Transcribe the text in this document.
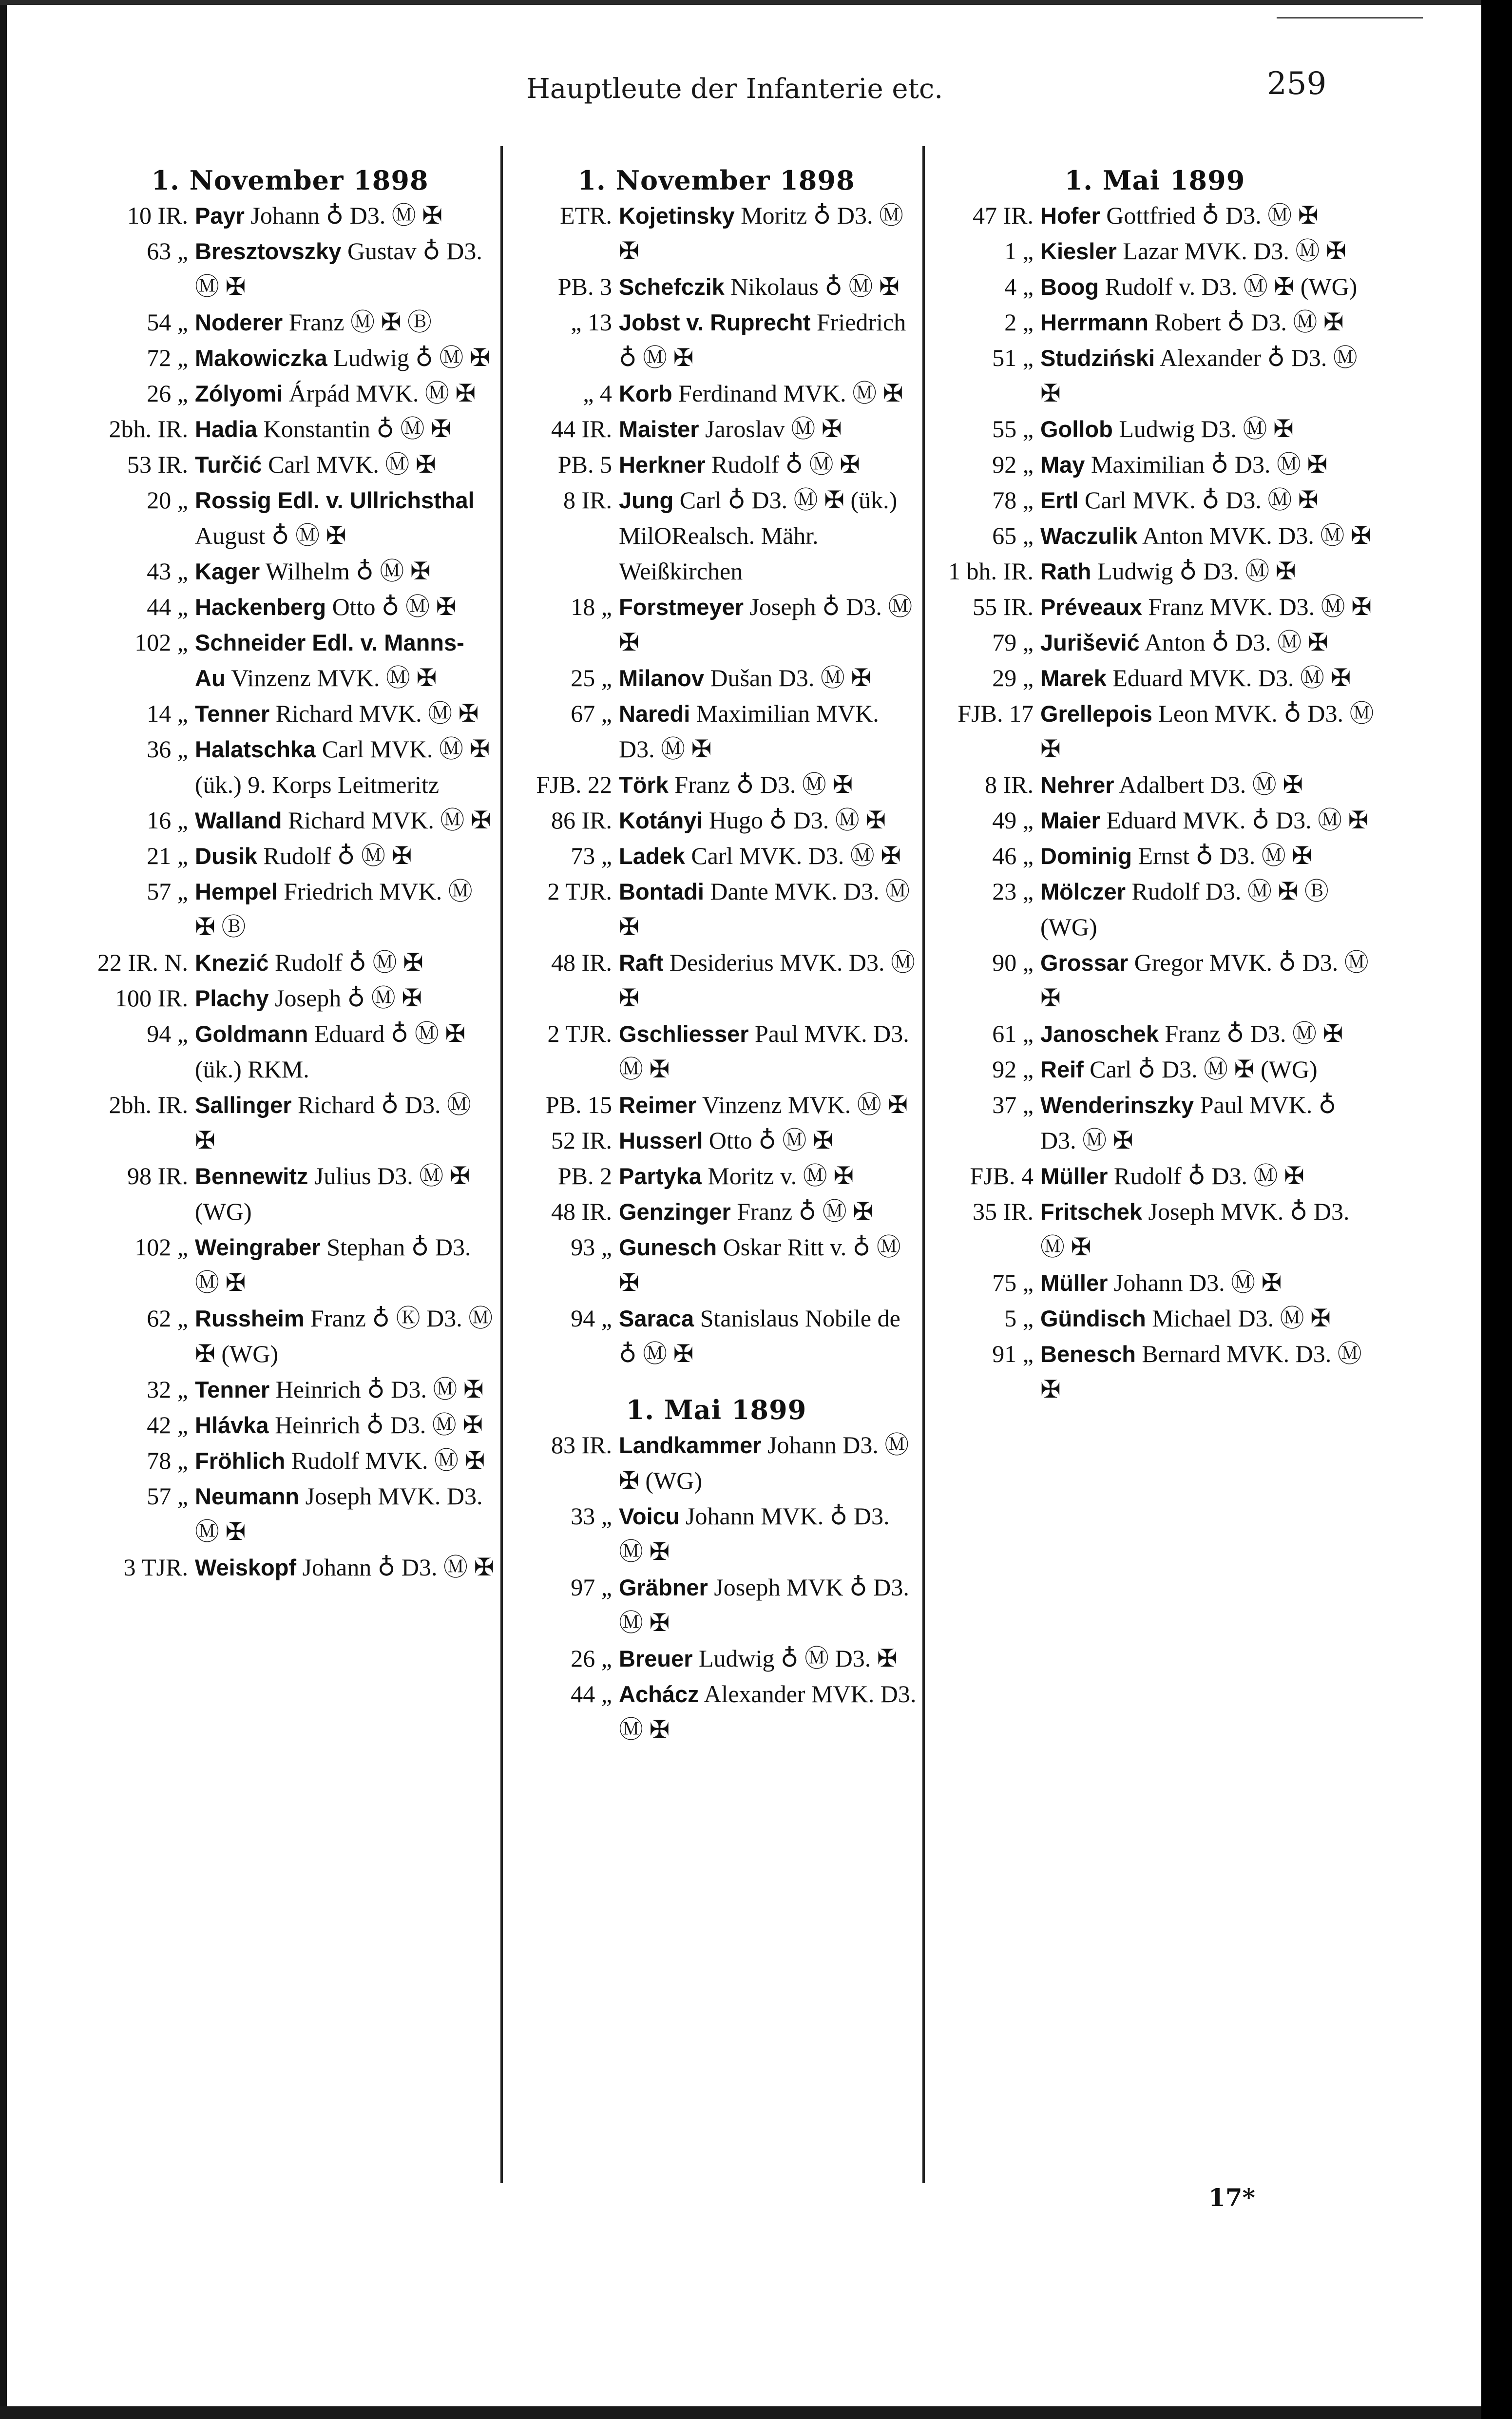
Hauptleute der Infanterie etc.	259
1. November 1898
10 IR. Payr Johann ♁ D3. Ⓜ ✠
63 „ Bresztovszky Gustav ♁ D3. Ⓜ ✠
54 „ Noderer Franz Ⓜ ✠ Ⓑ
72 „ Makowiczka Ludwig ♁ Ⓜ ✠
26 „ Zólyomi Árpád MVK. Ⓜ ✠
2bh. IR. Hadia Konstantin ♁ Ⓜ ✠
53 IR. Turčić Carl MVK. Ⓜ ✠
20 „ Rossig Edl. v. Ullrichsthal August ♁ Ⓜ ✠
43 „ Kager Wilhelm ♁ Ⓜ ✠
44 „ Hackenberg Otto ♁ Ⓜ ✠
102 „ Schneider Edl. v. Manns-Au Vinzenz MVK. Ⓜ ✠
14 „ Tenner Richard MVK. Ⓜ ✠
36 „ Halatschka Carl MVK. Ⓜ ✠ (ük.) 9. Korps Leitmeritz
16 „ Walland Richard MVK. Ⓜ ✠
21 „ Dusik Rudolf ♁ Ⓜ ✠
57 „ Hempel Friedrich MVK. Ⓜ ✠ Ⓑ
22 IR. N. Knezić Rudolf ♁ Ⓜ ✠
100 IR. Plachy Joseph ♁ Ⓜ ✠
94 „ Goldmann Eduard ♁ Ⓜ ✠ (ük.) RKM.
2bh. IR. Sallinger Richard ♁ D3. Ⓜ ✠
98 IR. Bennewitz Julius D3. Ⓜ ✠ (WG)
102 „ Weingraber Stephan ♁ D3. Ⓜ ✠
62 „ Russheim Franz ♁ Ⓚ D3. Ⓜ ✠ (WG)
32 „ Tenner Heinrich ♁ D3. Ⓜ ✠
42 „ Hlávka Heinrich ♁ D3. Ⓜ ✠
78 „ Fröhlich Rudolf MVK. Ⓜ ✠
57 „ Neumann Joseph MVK. D3. Ⓜ ✠
3 TJR. Weiskopf Johann ♁ D3. Ⓜ ✠
1. November 1898
ETR. Kojetinsky Moritz ♁ D3. Ⓜ ✠
PB. 3 Schefczik Nikolaus ♁ Ⓜ ✠
„ 13 Jobst v. Ruprecht Friedrich ♁ Ⓜ ✠
„ 4 Korb Ferdinand MVK. Ⓜ ✠
44 IR. Maister Jaroslav Ⓜ ✠
PB. 5 Herkner Rudolf ♁ Ⓜ ✠
8 IR. Jung Carl ♁ D3. Ⓜ ✠ (ük.) MilORealsch. Mähr. Weißkirchen
18 „ Forstmeyer Joseph ♁ D3. Ⓜ ✠
25 „ Milanov Dušan D3. Ⓜ ✠
67 „ Naredi Maximilian MVK. D3. Ⓜ ✠
FJB. 22 Törk Franz ♁ D3. Ⓜ ✠
86 IR. Kotányi Hugo ♁ D3. Ⓜ ✠
73 „ Ladek Carl MVK. D3. Ⓜ ✠
2 TJR. Bontadi Dante MVK. D3. Ⓜ ✠
48 IR. Raft Desiderius MVK. D3. Ⓜ ✠
2 TJR. Gschliesser Paul MVK. D3. Ⓜ ✠
PB. 15 Reimer Vinzenz MVK. Ⓜ ✠
52 IR. Husserl Otto ♁ Ⓜ ✠
PB. 2 Partyka Moritz v. Ⓜ ✠
48 IR. Genzinger Franz ♁ Ⓜ ✠
93 „ Gunesch Oskar Ritt v. ♁ Ⓜ ✠
94 „ Saraca Stanislaus Nobile de ♁ Ⓜ ✠
1. Mai 1899
83 IR. Landkammer Johann D3. Ⓜ ✠ (WG)
33 „ Voicu Johann MVK. ♁ D3. Ⓜ ✠
97 „ Gräbner Joseph MVK ♁ D3. Ⓜ ✠
26 „ Breuer Ludwig ♁ Ⓜ D3. ✠
44 „ Achácz Alexander MVK. D3. Ⓜ ✠
1. Mai 1899
47 IR. Hofer Gottfried ♁ D3. Ⓜ ✠
1 „ Kiesler Lazar MVK. D3. Ⓜ ✠
4 „ Boog Rudolf v. D3. Ⓜ ✠ (WG)
2 „ Herrmann Robert ♁ D3. Ⓜ ✠
51 „ Studziński Alexander ♁ D3. Ⓜ ✠
55 „ Gollob Ludwig D3. Ⓜ ✠
92 „ May Maximilian ♁ D3. Ⓜ ✠
78 „ Ertl Carl MVK. ♁ D3. Ⓜ ✠
65 „ Waczulik Anton MVK. D3. Ⓜ ✠
1 bh. IR. Rath Ludwig ♁ D3. Ⓜ ✠
55 IR. Préveaux Franz MVK. D3. Ⓜ ✠
79 „ Jurišević Anton ♁ D3. Ⓜ ✠
29 „ Marek Eduard MVK. D3. Ⓜ ✠
FJB. 17 Grellepois Leon MVK. ♁ D3. Ⓜ ✠
8 IR. Nehrer Adalbert D3. Ⓜ ✠
49 „ Maier Eduard MVK. ♁ D3. Ⓜ ✠
46 „ Dominig Ernst ♁ D3. Ⓜ ✠
23 „ Mölczer Rudolf D3. Ⓜ ✠ Ⓑ (WG)
90 „ Grossar Gregor MVK. ♁ D3. Ⓜ ✠
61 „ Janoschek Franz ♁ D3. Ⓜ ✠
92 „ Reif Carl ♁ D3. Ⓜ ✠ (WG)
37 „ Wenderinszky Paul MVK. ♁ D3. Ⓜ ✠
FJB. 4 Müller Rudolf ♁ D3. Ⓜ ✠
35 IR. Fritschek Joseph MVK. ♁ D3. Ⓜ ✠
75 „ Müller Johann D3. Ⓜ ✠
5 „ Gündisch Michael D3. Ⓜ ✠
91 „ Benesch Bernard MVK. D3. Ⓜ ✠
17*
